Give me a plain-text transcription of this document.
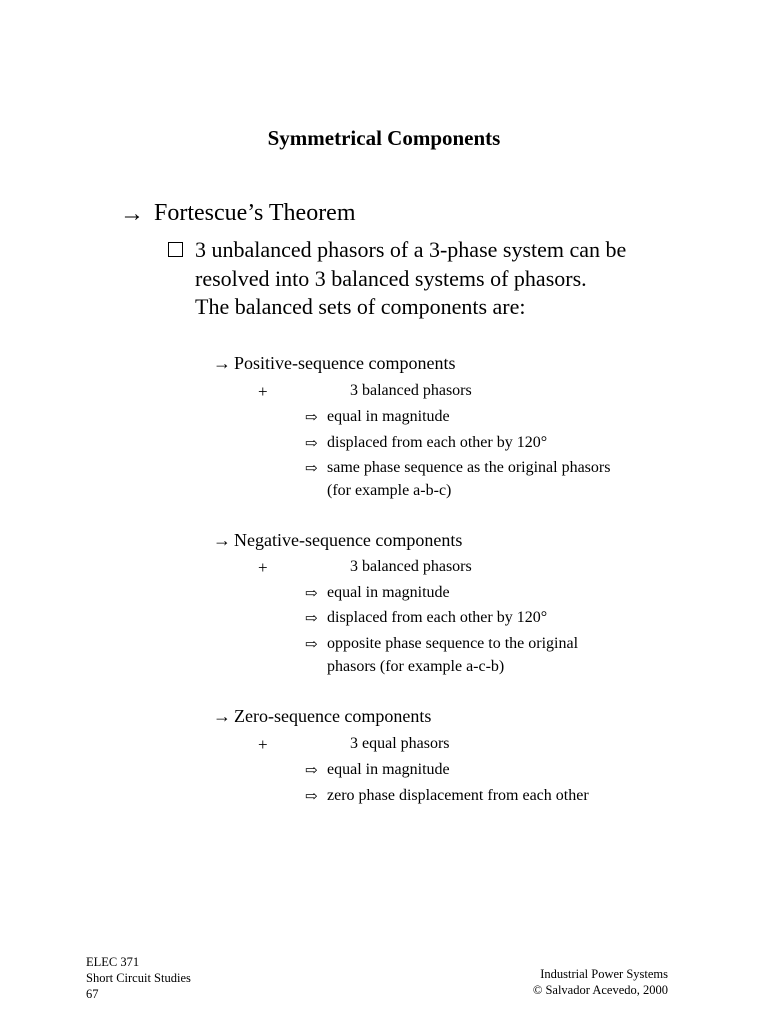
Symmetrical Components
→ Fortescue’s Theorem
3 unbalanced phasors of a 3-phase system can be
resolved into 3 balanced systems of phasors.
The balanced sets of components are:
→ Positive-sequence components
+	3 balanced phasors
⇨ equal in magnitude
⇨ displaced from each other by 120°
⇨ same phase sequence as the original phasors
(for example a-b-c)
→ Negative-sequence components
+	3 balanced phasors
⇨ equal in magnitude
⇨ displaced from each other by 120°
⇨ opposite phase sequence to the original
phasors (for example a-c-b)
→ Zero-sequence components
+	3 equal phasors
⇨ equal in magnitude
⇨ zero phase displacement from each other
ELEC 371
Short Circuit Studies
67
Industrial Power Systems
© Salvador Acevedo, 2000
